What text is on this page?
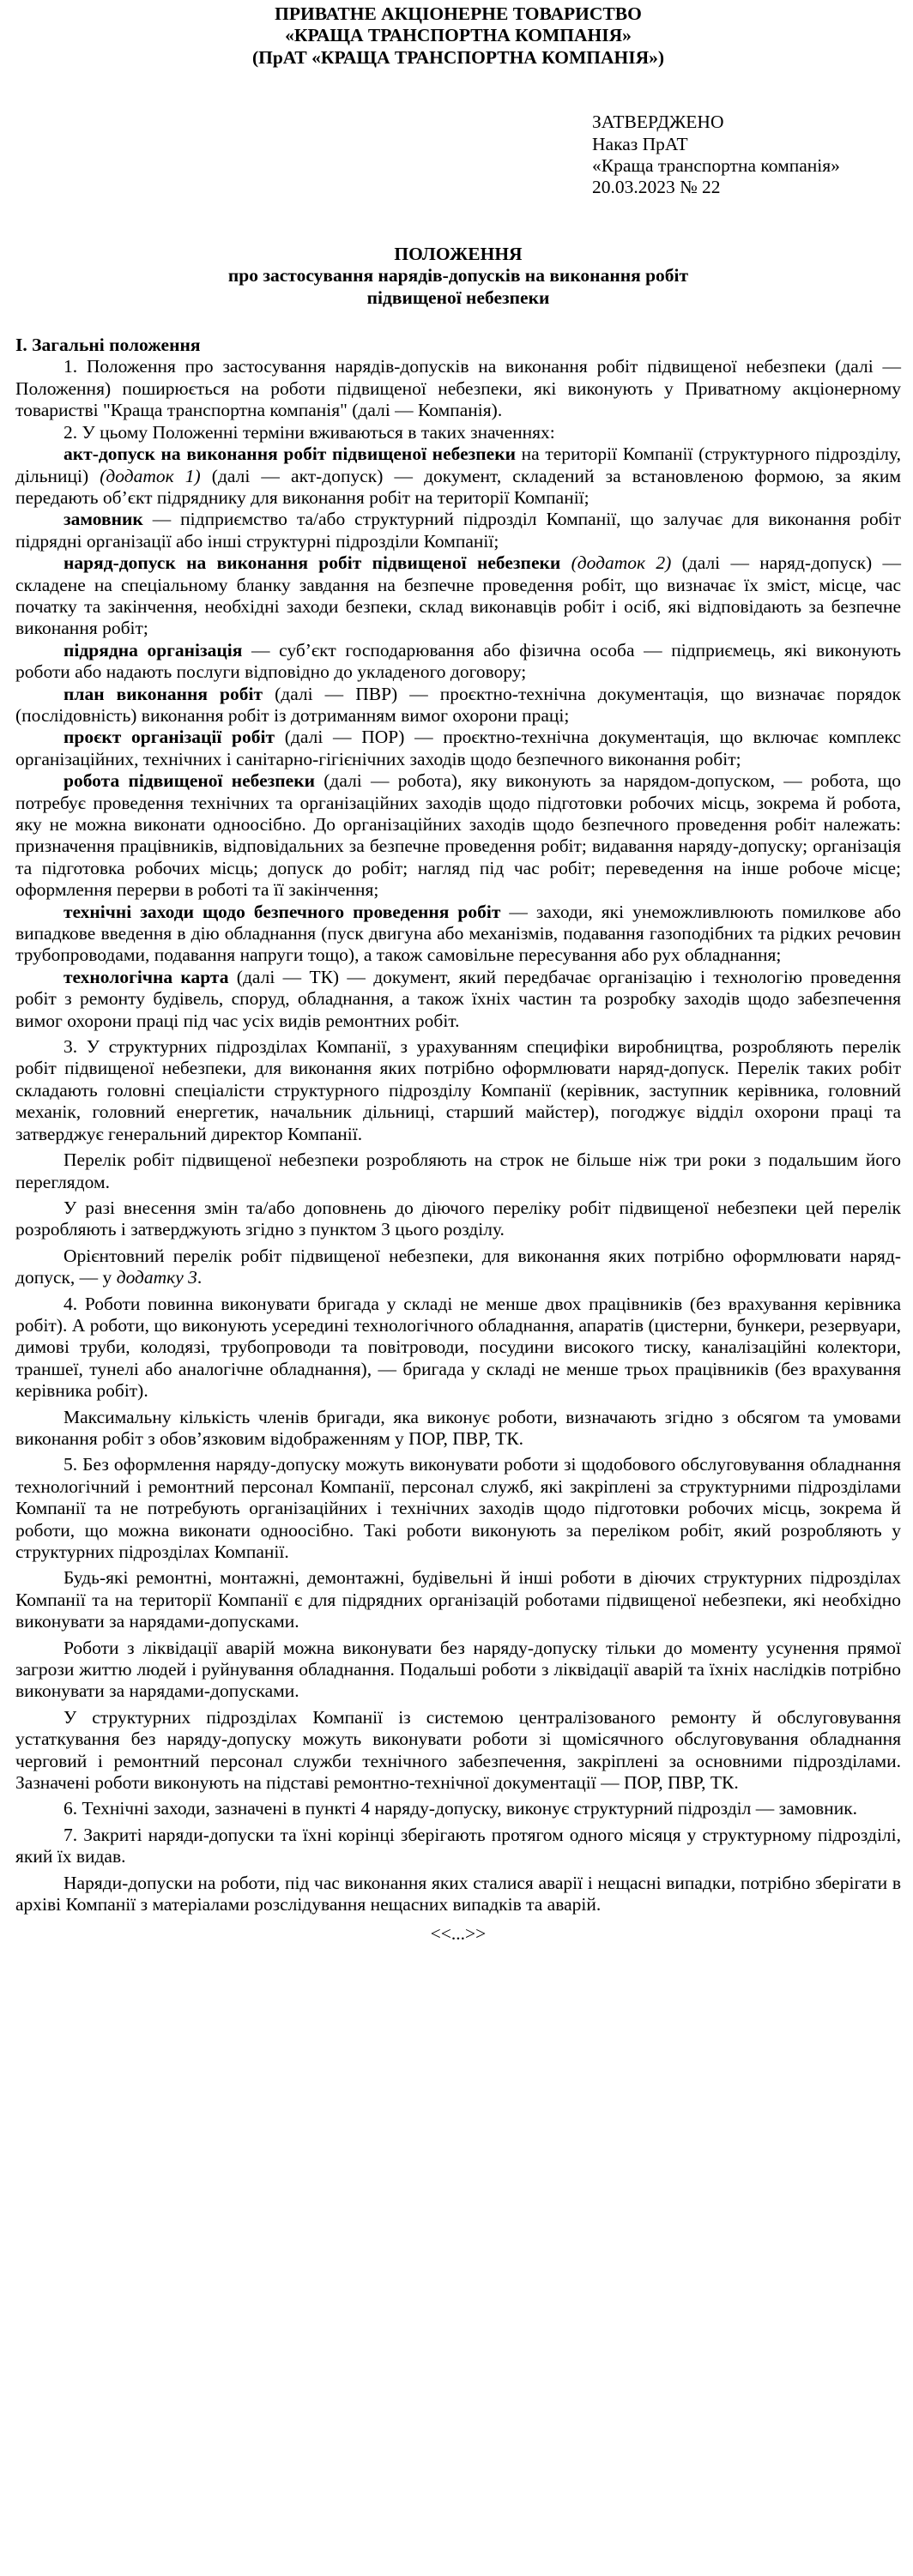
ПРИВАТНЕ АКЦІОНЕРНЕ ТОВАРИСТВО
«КРАЩА ТРАНСПОРТНА КОМПАНІЯ»
(ПрАТ «КРАЩА ТРАНСПОРТНА КОМПАНІЯ»)
ЗАТВЕРДЖЕНО
Наказ ПрАТ
«Краща транспортна компанія»
20.03.2023 № 22
ПОЛОЖЕННЯ
про застосування нарядів-допусків на виконання робіт
підвищеної небезпеки
І. Загальні положення

1. Положення про застосування нарядів-допусків на виконання робіт підвищеної небезпеки (далі — Положення) поширюється на роботи підвищеної небезпеки, які виконують у Приватному акціонерному товаристві "Краща транспортна компанія" (далі — Компанія).

2. У цьому Положенні терміни вживаються в таких значеннях:

акт-допуск на виконання робіт підвищеної небезпеки на території Компанії (структурного підрозділу, дільниці) (додаток 1) (далі — акт-допуск) — документ, складений за встановленою формою, за яким передають об’єкт підряднику для виконання робіт на території Компанії;

замовник — підприємство та/або структурний підрозділ Компанії, що залучає для виконання робіт підрядні організації або інші структурні підрозділи Компанії;

наряд-допуск на виконання робіт підвищеної небезпеки (додаток 2) (далі — наряд-допуск) — складене на спеціальному бланку завдання на безпечне проведення робіт, що визначає їх зміст, місце, час початку та закінчення, необхідні заходи безпеки, склад виконавців робіт і осіб, які відповідають за безпечне виконання робіт;

підрядна організація — суб’єкт господарювання або фізична особа — підприємець, які виконують роботи або надають послуги відповідно до укладеного договору;

план виконання робіт (далі — ПВР) — проєктно-технічна документація, що визначає порядок (послідовність) виконання робіт із дотриманням вимог охорони праці;

проєкт організації робіт (далі — ПОР) — проєктно-технічна документація, що включає комплекс організаційних, технічних і санітарно-гігієнічних заходів щодо безпечного виконання робіт;

робота підвищеної небезпеки (далі — робота), яку виконують за нарядом-допуском, — робота, що потребує проведення технічних та організаційних заходів щодо підготовки робочих місць, зокрема й робота, яку не можна виконати одноосібно. До організаційних заходів щодо безпечного проведення робіт належать: призначення працівників, відповідальних за безпечне проведення робіт; видавання наряду-допуску; організація та підготовка робочих місць; допуск до робіт; нагляд під час робіт; переведення на інше робоче місце; оформлення перерви в роботі та її закінчення;

технічні заходи щодо безпечного проведення робіт — заходи, які унеможливлюють помилкове або випадкове введення в дію обладнання (пуск двигуна або механізмів, подавання газоподібних та рідких речовин трубопроводами, подавання напруги тощо), а також самовільне пересування або рух обладнання;

технологічна карта (далі — ТК) — документ, який передбачає організацію і технологію проведення робіт з ремонту будівель, споруд, обладнання, а також їхніх частин та розробку заходів щодо забезпечення вимог охорони праці під час усіх видів ремонтних робіт.

3. У структурних підрозділах Компанії, з урахуванням специфіки виробництва, розробляють перелік робіт підвищеної небезпеки, для виконання яких потрібно оформлювати наряд-допуск. Перелік таких робіт складають головні спеціалісти структурного підрозділу Компанії (керівник, заступник керівника, головний механік, головний енергетик, начальник дільниці, старший майстер), погоджує відділ охорони праці та затверджує генеральний директор Компанії.

Перелік робіт підвищеної небезпеки розробляють на строк не більше ніж три роки з подальшим його переглядом.

У разі внесення змін та/або доповнень до діючого переліку робіт підвищеної небезпеки цей перелік розробляють і затверджують згідно з пунктом 3 цього розділу.

Орієнтовний перелік робіт підвищеної небезпеки, для виконання яких потрібно оформлювати наряд-допуск, — у додатку 3.

4. Роботи повинна виконувати бригада у складі не менше двох працівників (без врахування керівника робіт). А роботи, що виконують усередині технологічного обладнання, апаратів (цистерни, бункери, резервуари, димові труби, колодязі, трубопроводи та повітроводи, посудини високого тиску, каналізаційні колектори, траншеї, тунелі або аналогічне обладнання), — бригада у складі не менше трьох працівників (без врахування керівника робіт).

Максимальну кількість членів бригади, яка виконує роботи, визначають згідно з обсягом та умовами виконання робіт з обов’язковим відображенням у ПОР, ПВР, ТК.

5. Без оформлення наряду-допуску можуть виконувати роботи зі щодобового обслуговування обладнання технологічний і ремонтний персонал Компанії, персонал служб, які закріплені за структурними підрозділами Компанії та не потребують організаційних і технічних заходів щодо підготовки робочих місць, зокрема й роботи, що можна виконати одноосібно. Такі роботи виконують за переліком робіт, який розробляють у структурних підрозділах Компанії.

Будь-які ремонтні, монтажні, демонтажні, будівельні й інші роботи в діючих структурних підрозділах Компанії та на території Компанії є для підрядних організацій роботами підвищеної небезпеки, які необхідно виконувати за нарядами-допусками.

Роботи з ліквідації аварій можна виконувати без наряду-допуску тільки до моменту усунення прямої загрози життю людей і руйнування обладнання. Подальші роботи з ліквідації аварій та їхніх наслідків потрібно виконувати за нарядами-допусками.

У структурних підрозділах Компанії із системою централізованого ремонту й обслуговування устаткування без наряду-допуску можуть виконувати роботи зі щомісячного обслуговування обладнання черговий і ремонтний персонал служби технічного забезпечення, закріплені за основними підрозділами. Зазначені роботи виконують на підставі ремонтно-технічної документації — ПОР, ПВР, ТК.

6. Технічні заходи, зазначені в пункті 4 наряду-допуску, виконує структурний підрозділ — замовник.

7. Закриті наряди-допуски та їхні корінці зберігають протягом одного місяця у структурному підрозділі, який їх видав.

Наряди-допуски на роботи, під час виконання яких сталися аварії і нещасні випадки, потрібно зберігати в архіві Компанії з матеріалами розслідування нещасних випадків та аварій.

<<...>>
